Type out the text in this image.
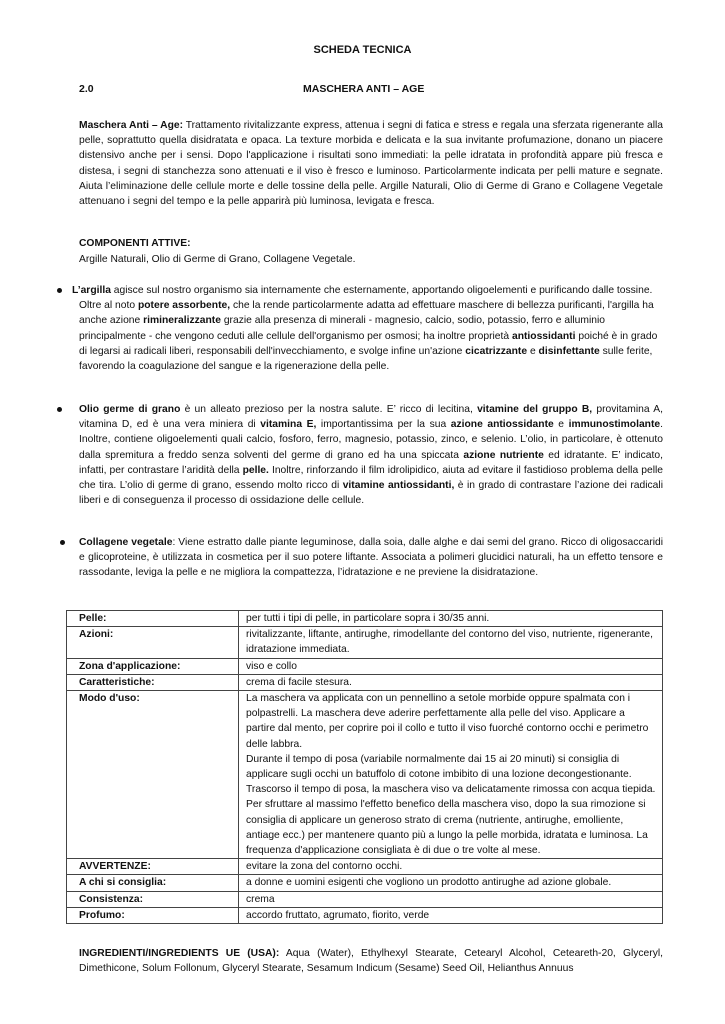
SCHEDA TECNICA
2.0	MASCHERA ANTI – AGE
Maschera Anti – Age: Trattamento rivitalizzante express, attenua i segni di fatica e stress e regala una sferzata rigenerante alla pelle, soprattutto quella disidratata e opaca. La texture morbida e delicata e la sua invitante profumazione, donano un piacere distensivo anche per i sensi. Dopo l'applicazione i risultati sono immediati: la pelle idratata in profondità appare più fresca e distesa, i segni di stanchezza sono attenuati e il viso è fresco e luminoso. Particolarmente indicata per pelli mature e segnate. Aiuta l’eliminazione delle cellule morte e delle tossine della pelle. Argille Naturali, Olio di Germe di Grano e Collagene Vegetale attenuano i segni del tempo e la pelle apparirà più luminosa, levigata e fresca.
COMPONENTI ATTIVE:
Argille Naturali, Olio di Germe di Grano, Collagene Vegetale.
L’argilla agisce sul nostro organismo sia internamente che esternamente, apportando oligoelementi e purificando dalle tossine.
Oltre al noto potere assorbente, che la rende particolarmente adatta ad effettuare maschere di bellezza purificanti, l'argilla ha anche azione rimineralizzante grazie alla presenza di minerali - magnesio, calcio, sodio, potassio, ferro e alluminio principalmente - che vengono ceduti alle cellule dell'organismo per osmosi; ha inoltre proprietà antiossidanti poiché è in grado di legarsi ai radicali liberi, responsabili dell'invecchiamento, e svolge infine un'azione cicatrizzante e disinfettante sulle ferite, favorendo la coagulazione del sangue e la rigenerazione della pelle.
Olio germe di grano è un alleato prezioso per la nostra salute. E’ ricco di lecitina, vitamine del gruppo B, provitamina A, vitamina D, ed è una vera miniera di vitamina E, importantissima per la sua azione antiossidante e immunostimolante. Inoltre, contiene oligoelementi quali calcio, fosforo, ferro, magnesio, potassio, zinco, e selenio. L’olio, in particolare, è ottenuto dalla spremitura a freddo senza solventi del germe di grano ed ha una spiccata azione nutriente ed idratante. E’ indicato, infatti, per contrastare l’aridità della pelle. Inoltre, rinforzando il film idrolipidico, aiuta ad evitare il fastidioso problema della pelle che tira. L’olio di germe di grano, essendo molto ricco di vitamine antiossidanti, è in grado di contrastare l’azione dei radicali liberi e di conseguenza il processo di ossidazione delle cellule.
Collagene vegetale: Viene estratto dalle piante leguminose, dalla soia, dalle alghe e dai semi del grano. Ricco di oligosaccaridi e glicoproteine, è utilizzata in cosmetica per il suo potere liftante. Associata a polimeri glucidici naturali, ha un effetto tensore e rassodante, leviga la pelle e ne migliora la compattezza, l’idratazione e ne previene la disidratazione.
Pelle:	per tutti i tipi di pelle, in particolare sopra i 30/35 anni.
Azioni:	rivitalizzante, liftante, antirughe, rimodellante del contorno del viso, nutriente, rigenerante, idratazione immediata.
Zona d'applicazione:	viso e collo
Caratteristiche:	crema di facile stesura.
Modo d'uso:	La maschera va applicata con un pennellino a setole morbide oppure spalmata con i polpastrelli. La maschera deve aderire perfettamente alla pelle del viso. Applicare a partire dal mento, per coprire poi il collo e tutto il viso fuorché contorno occhi e perimetro delle labbra.
Durante il tempo di posa (variabile normalmente dai 15 ai 20 minuti) si consiglia di applicare sugli occhi un batuffolo di cotone imbibito di una lozione decongestionante. Trascorso il tempo di posa, la maschera viso va delicatamente rimossa con acqua tiepida. Per sfruttare al massimo l'effetto benefico della maschera viso, dopo la sua rimozione si consiglia di applicare un generoso strato di crema (nutriente, antirughe, emolliente, antiage ecc.) per mantenere quanto più a lungo la pelle morbida, idratata e luminosa. La frequenza d'applicazione consigliata è di due o tre volte al mese.
AVVERTENZE:	evitare la zona del contorno occhi.
A chi si consiglia:	a donne e uomini esigenti che vogliono un prodotto antirughe ad azione globale.
Consistenza:	crema
Profumo:	accordo fruttato, agrumato, fiorito, verde
INGREDIENTI/INGREDIENTS UE (USA): Aqua (Water), Ethylhexyl Stearate, Cetearyl Alcohol, Ceteareth-20, Glyceryl, Dimethicone, Solum Follonum, Glyceryl Stearate, Sesamum Indicum (Sesame) Seed Oil, Helianthus Annuus
